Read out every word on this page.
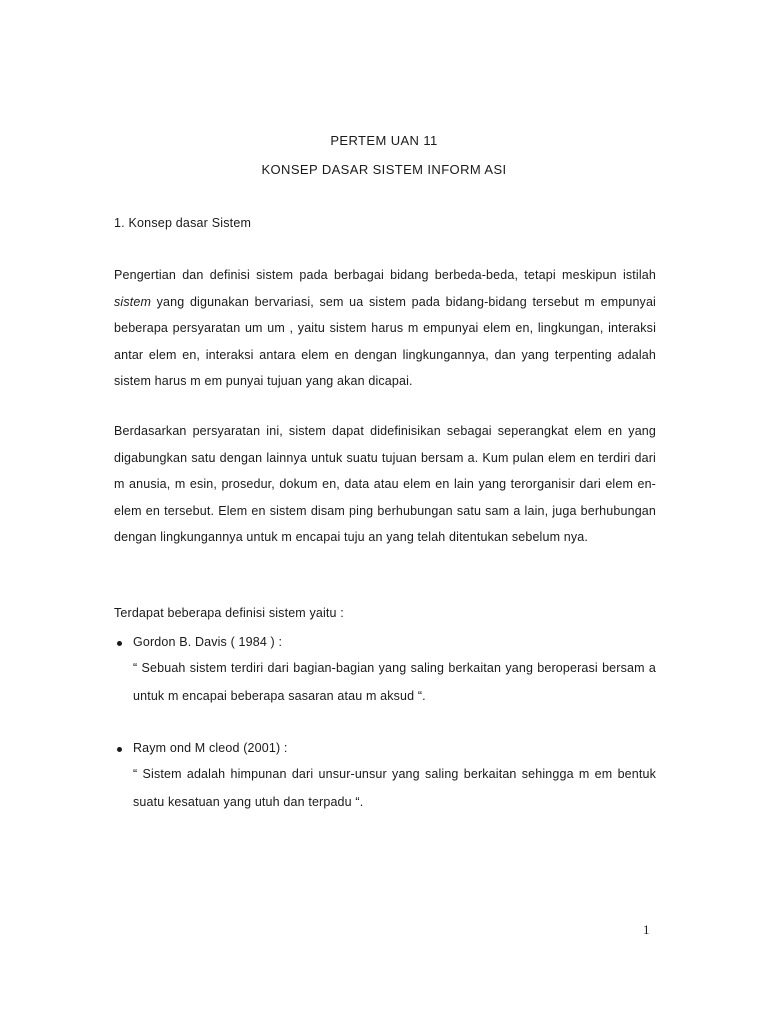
PERTEM UAN 11
KONSEP DASAR SISTEM INFORM ASI
1. Konsep dasar Sistem
Pengertian dan definisi sistem pada berbagai bidang berbeda-beda, tetapi meskipun istilah sistem yang digunakan bervariasi, sem ua sistem pada bidang-bidang tersebut m empunyai beberapa persyaratan um um , yaitu sistem harus m empunyai elem en, lingkungan, interaksi antar elem en, interaksi antara elem en dengan lingkungannya, dan yang terpenting adalah sistem harus m em punyai tujuan yang akan dicapai.
Berdasarkan persyaratan ini, sistem dapat didefinisikan sebagai seperangkat elem en yang digabungkan satu dengan lainnya untuk suatu tujuan bersam a. Kum pulan elem en terdiri dari m anusia, m esin, prosedur, dokum en, data atau elem en lain yang terorganisir dari elem en-elem en tersebut. Elem en sistem disam ping berhubungan satu sam a lain, juga berhubungan dengan lingkungannya untuk m encapai tuju an yang telah ditentukan sebelum nya.
Terdapat beberapa definisi sistem yaitu :
Gordon B. Davis ( 1984 ) :
“ Sebuah sistem terdiri dari bagian-bagian yang saling berkaitan yang beroperasi bersam a untuk m encapai beberapa sasaran atau m aksud “.
Raym ond M cleod (2001) :
“ Sistem adalah himpunan dari unsur-unsur yang saling berkaitan sehingga m em bentuk suatu kesatuan yang utuh dan terpadu “.
1
